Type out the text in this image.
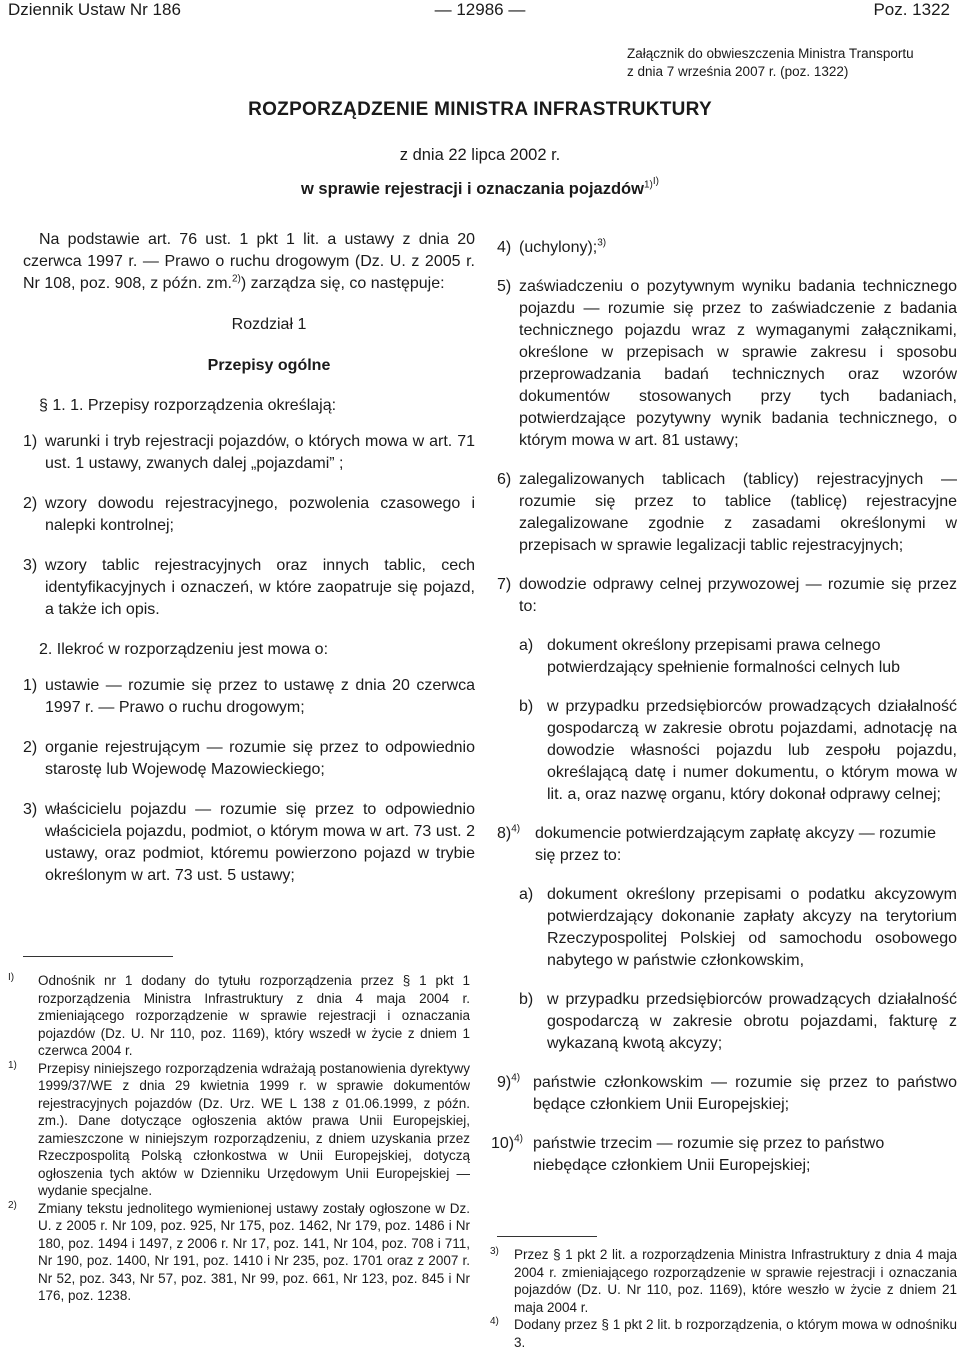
Dziennik Ustaw Nr 186	— 12986 —	Poz. 1322
Załącznik do obwieszczenia Ministra Transportu
z dnia 7 września 2007 r. (poz. 1322)
ROZPORZĄDZENIE MINISTRA INFRASTRUKTURY
z dnia 22 lipca 2002 r.
w sprawie rejestracji i oznaczania pojazdów$^{1)I)}$

Na podstawie art. 76 ust. 1 pkt 1 lit. a ustawy z dnia 20 czerwca 1997 r. — Prawo o ruchu drogowym (Dz. U. z 2005 r. Nr 108, poz. 908, z późn. zm.$^{2)}$) zarządza się, co następuje:

Rozdział 1
Przepisy ogólne

§ 1. 1. Przepisy rozporządzenia określają:

1) warunki i tryb rejestracji pojazdów, o których mowa w art. 71 ust. 1 ustawy, zwanych dalej „pojazdami” ;
2) wzory dowodu rejestracyjnego, pozwolenia czasowego i nalepki kontrolnej;
3) wzory tablic rejestracyjnych oraz innych tablic, cech identyfikacyjnych i oznaczeń, w które zaopatruje się pojazd, a także ich opis.

2. Ilekroć w rozporządzeniu jest mowa o:

1) ustawie — rozumie się przez to ustawę z dnia 20 czerwca 1997 r. — Prawo o ruchu drogowym;
2) organie rejestrującym — rozumie się przez to odpowiednio starostę lub Wojewodę Mazowieckiego;
3) właścicielu pojazdu — rozumie się przez to odpowiednio właściciela pojazdu, podmiot, o którym mowa w art. 73 ust. 2 ustawy, oraz podmiot, któremu powierzono pojazd w trybie określonym w art. 73 ust. 5 ustawy;
I)	Odnośnik nr 1 dodany do tytułu rozporządzenia przez § 1 pkt 1 rozporządzenia Ministra Infrastruktury z dnia 4 maja 2004 r. zmieniającego rozporządzenie w sprawie rejestracji i oznaczania pojazdów (Dz. U. Nr 110, poz. 1169), który wszedł w życie z dniem 1 czerwca 2004 r.
1)	Przepisy niniejszego rozporządzenia wdrażają postanowienia dyrektywy 1999/37/WE z dnia 29 kwietnia 1999 r. w sprawie dokumentów rejestracyjnych pojazdów (Dz. Urz. WE L 138 z 01.06.1999, z późn. zm.). Dane dotyczące ogłoszenia aktów prawa Unii Europejskiej, zamieszczone w niniejszym rozporządzeniu, z dniem uzyskania przez Rzeczpospolitą Polską członkostwa w Unii Europejskiej, dotyczą ogłoszenia tych aktów w Dzienniku Urzędowym Unii Europejskiej — wydanie specjalne.
2)	Zmiany tekstu jednolitego wymienionej ustawy zostały ogłoszone w Dz. U. z 2005 r. Nr 109, poz. 925, Nr 175, poz. 1462, Nr 179, poz. 1486 i Nr 180, poz. 1494 i 1497, z 2006 r. Nr 17, poz. 141, Nr 104, poz. 708 i 711, Nr 190, poz. 1400, Nr 191, poz. 1410 i Nr 235, poz. 1701 oraz z 2007 r. Nr 52, poz. 343, Nr 57, poz. 381, Nr 99, poz. 661, Nr 123, poz. 845 i Nr 176, poz. 1238.
4) (uchylony);$^{3)}$
5) zaświadczeniu o pozytywnym wyniku badania technicznego pojazdu — rozumie się przez to zaświadczenie z badania technicznego pojazdu wraz z wymaganymi załącznikami, określone w przepisach w sprawie zakresu i sposobu przeprowadzania badań technicznych oraz wzorów dokumentów stosowanych przy tych badaniach, potwierdzające pozytywny wynik badania technicznego, o którym mowa w art. 81 ustawy;
6) zalegalizowanych tablicach (tablicy) rejestracyjnych — rozumie się przez to tablice (tablicę) rejestracyjne zalegalizowane zgodnie z zasadami określonymi w przepisach w sprawie legalizacji tablic rejestracyjnych;
7) dowodzie odprawy celnej przywozowej — rozumie się przez to:
a) dokument określony przepisami prawa celnego potwierdzający spełnienie formalności celnych lub
b) w przypadku przedsiębiorców prowadzących działalność gospodarczą w zakresie obrotu pojazdami, adnotację na dowodzie własności pojazdu lub zespołu pojazdu, określającą datę i numer dokumentu, o którym mowa w lit. a, oraz nazwę organu, który dokonał odprawy celnej;
8)$^{4)}$ dokumencie potwierdzającym zapłatę akcyzy — rozumie się przez to:
a) dokument określony przepisami o podatku akcyzowym potwierdzający dokonanie zapłaty akcyzy na terytorium Rzeczypospolitej Polskiej od samochodu osobowego nabytego w państwie członkowskim,
b) w przypadku przedsiębiorców prowadzących działalność gospodarczą w zakresie obrotu pojazdami, fakturę z wykazaną kwotą akcyzy;
9)$^{4)}$ państwie członkowskim — rozumie się przez to państwo będące członkiem Unii Europejskiej;
10)$^{4)}$ państwie trzecim — rozumie się przez to państwo niebędące członkiem Unii Europejskiej;
3)	Przez § 1 pkt 2 lit. a rozporządzenia Ministra Infrastruktury z dnia 4 maja 2004 r. zmieniającego rozporządzenie w sprawie rejestracji i oznaczania pojazdów (Dz. U. Nr 110, poz. 1169), które weszło w życie z dniem 21 maja 2004 r.
4)	Dodany przez § 1 pkt 2 lit. b rozporządzenia, o którym mowa w odnośniku 3.
